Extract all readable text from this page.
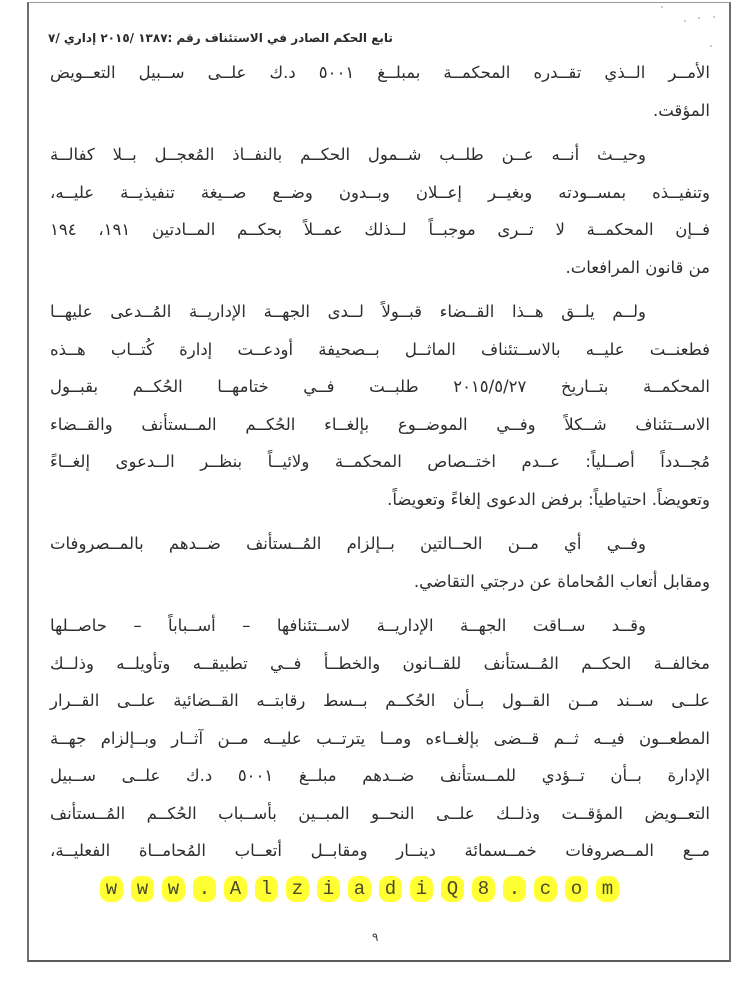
تابع الحكم الصادر في الاستئناف رقم :١٣٨٧ /٢٠١٥ إداري /٧
الأمــر الــذي تقــدره المحكمــة بمبلــغ ٥٠٠١ د.ك علــى ســبيل التعــويض
المؤقت.
وحيــث أنــه عــن طلــب شــمول الحكــم بالنفــاذ المُعجــل بــلا كفالــة
وتنفيــذه بمســودته وبغيــر إعــلان وبــدون وضــع صــيغة تنفيذيــة عليــه،
فــإن المحكمــة لا تــرى موجبــاً لــذلك عمــلاً بحكــم المــادتين ١٩١، ١٩٤
من قانون المرافعات.
ولــم يلــق هــذا القــضاء قبــولاً لــدى الجهــة الإداريــة المُــدعى عليهــا
فطعنــت عليــه بالاســتئناف الماثــل بــصحيفة أودعــت إدارة كُتــاب هــذه
المحكمــة بتــاريخ ٢٠١٥/٥/٢٧ طلبــت فــي ختامهــا الحُكــم بقبــول
الاســتئناف شــكلاً وفــي الموضــوع بإلغــاء الحُكــم المــستأنف والقــضاء
مُجــدداً أصــلياً: عــدم اختــصاص المحكمــة ولائيــاً بنظــر الــدعوى إلغــاءً
وتعويضاً. احتياطياً: برفض الدعوى إلغاءً وتعويضاً.
وفــي أي مــن الحــالتين بــإلزام المُــستأنف ضــدهم بالمــصروفات
ومقابل أتعاب المُحاماة عن درجتي التقاضي.
وقــد ســاقت الجهــة الإداريــة لاســتئنافها – أســباباً – حاصــلها
مخالفــة الحكــم المُــستأنف للقــانون والخطــأ فــي تطبيقــه وتأويلــه وذلــك
علــى ســند مــن القــول بــأن الحُكــم بــسط رقابتــه القــضائية علــى القــرار
المطعــون فيــه ثــم قــضى بإلغــاءه ومــا يترتــب عليــه مــن آثــار وبــإلزام جهــة
الإدارة بــأن تــؤدي للمــستأنف ضــدهم مبلــغ ٥٠٠١ د.ك علــى ســبيل
التعــويض المؤقــت وذلــك علــى النحــو المبــين بأســباب الحُكــم المُــستأنف
مــع المــصروفات خمــسمائة دينــار ومقابــل أتعــاب المُحامــاة الفعليــة،
w	w	w	.	A	l	z	i	a	d	i	Q	8	.	c	o	m
٩
